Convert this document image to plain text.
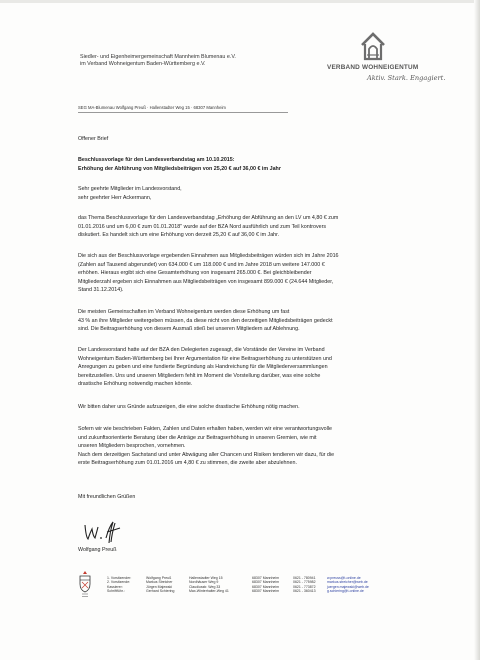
Siedler- und Eigenheimergemeinschaft Mannheim Blumenau e.V.
im Verband Wohneigentum Baden-Württemberg e.V.	VERBAND WOHNEIGENTUM
Aktiv. Stark. Engagiert.
SEG MA-Blumenau Wolfgang Preuß · Hallenstadter Weg 15 · 68307 Mannheim
Offener Brief
Beschlussvorlage für den Landesverbandstag am 10.10.2015:
Erhöhung der Abführung von Mitgliedsbeiträgen von 25,20 € auf 36,00 € im Jahr
Sehr geehrte Mitglieder im Landesvorstand,
sehr geehrter Herr Ackermann,
das Thema Beschlussvorlage für den Landesverbandstag „Erhöhung der Abführung an den LV um 4,80 € zum
01.01.2016 und um 6,00 € zum 01.01.2018" wurde auf der BZA Nord ausführlich und zum Teil kontrovers
diskutiert. Es handelt sich um eine Erhöhung von derzeit 25,20 € auf 36,00 € im Jahr.
Die sich aus der Beschlussvorlage ergebenden Einnahmen aus Mitgliedsbeiträgen würden sich im Jahre 2016
(Zahlen auf Tausend abgerundet) von 634.000 € um 118.000 € und im Jahre 2018 um weitere 147.000 €
erhöhen. Hieraus ergibt sich eine Gesamterhöhung von insgesamt 265.000 €. Bei gleichbleibender
Mitgliederzahl ergeben sich Einnahmen aus Mitgliedsbeiträgen von insgesamt 899.000 € (24.644 Mitglieder,
Stand 31.12.2014).
Die meisten Gemeinschaften im Verband Wohneigentum werden diese Erhöhung um fast
43 % an ihre Mitglieder weitergeben müssen, da diese nicht von den derzeitigen Mitgliedsbeiträgen gedeckt
sind. Die Beitragserhöhung von diesem Ausmaß stieß bei unseren Mitgliedern auf Ablehnung.
Der Landesvorstand hatte auf der BZA den Delegierten zugesagt, die Vorstände der Vereine im Verband
Wohneigentum Baden-Württemberg bei Ihrer Argumentation für eine Beitragserhöhung zu unterstützen und
Anregungen zu geben und eine fundierte Begründung als Handreichung für die Mitgliederversammlungen
bereitzustellen. Uns und unseren Mitgliedern fehlt im Moment die Vorstellung darüber, was eine solche
drastische Erhöhung notwendig machen könnte.
Wir bitten daher uns Gründe aufzuzeigen, die eine solche drastische Erhöhung nötig machen.
Sofern wir wie beschrieben Fakten, Zahlen und Daten erhalten haben, werden wir eine verantwortungsvolle
und zukunftsorientierte Beratung über die Anträge zur Beitragserhöhung in unseren Gremien, wie mit
unseren Mitgliedern besprochen, vornehmen.
Nach dem derzeitigen Sachstand und unter Abwägung aller Chancen und Risiken tendieren wir dazu, für die
erste Beitragserhöhung zum 01.01.2016 um 4,80 € zu stimmen, die zweite aber abzulehnen.
Mit freundlichen Grüßen
Wolfgang Preuß
1. Vorsitzender:
2. Vorsitzende:
Kassierer:
Schriftführ.:
Wolfgang Preuß
Markus Streicher
Jürgen Majewski
Gerhard Schiering
Hallenstadter Weg 15
Nordhäuser Weg 9
Claudiusstr. Weg 33
Max-Winterhalter-Weg 41
68307 Mannheim
68307 Mannheim
68307 Mannheim
68307 Mannheim
0621 - 780941
0621 - 775982
0621 - 773872
0621 - 360413
w.preuss@t-online.de
markus.streicher@web.de
juergen.majewski@web.de
g.schiering@t-online.de
